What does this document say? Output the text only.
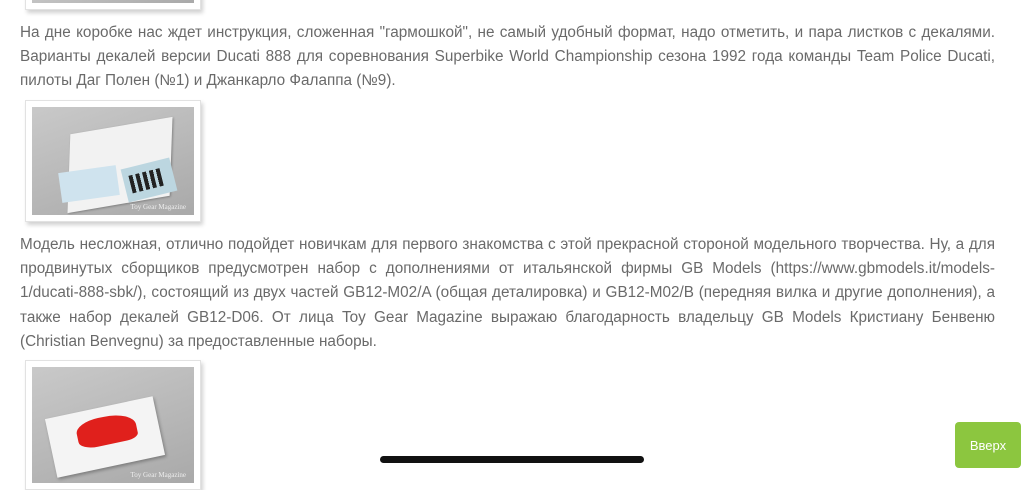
На дне коробке нас ждет инструкция, сложенная "гармошкой", не самый удобный формат, надо отметить, и пара листков с декалями. Варианты декалей версии Ducati 888 для соревнования Superbike World Championship сезона 1992 года команды Team Police Ducati, пилоты Даг Полен (№1) и Джанкарло Фалаппа (№9).

Toy Gear Magazine

Модель несложная, отлично подойдет новичкам для первого знакомства с этой прекрасной стороной модельного творчества. Ну, а для продвинутых сборщиков предусмотрен набор с дополнениями от итальянской фирмы GB Models (https://www.gbmodels.it/models-1/ducati-888-sbk/), состоящий из двух частей GB12-M02/A (общая деталировка) и GB12-M02/B (передняя вилка и другие дополнения), а также набор декалей GB12-D06. От лица Toy Gear Magazine выражаю благодарность владельцу GB Models Кристиану Бенвеню (Christian Benvegnu) за предоставленные наборы.

Toy Gear Magazine
Вверх
